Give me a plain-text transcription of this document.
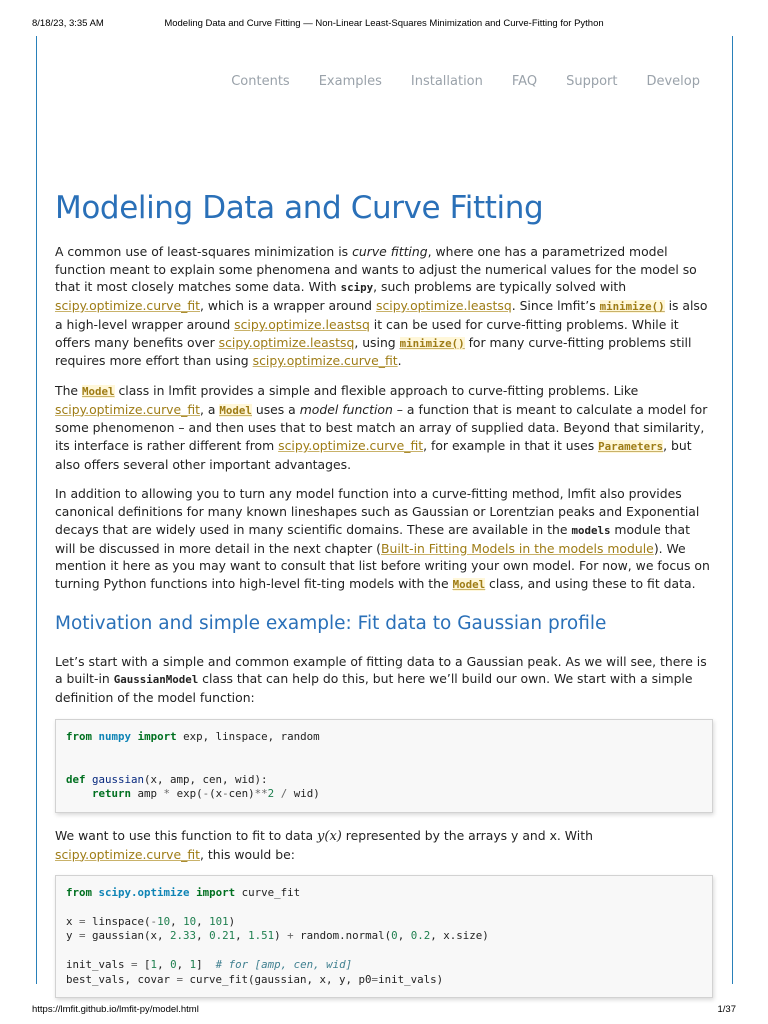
8/18/23, 3:35 AM	Modeling Data and Curve Fitting — Non-Linear Least-Squares Minimization and Curve-Fitting for Python
Contents Examples Installation FAQ Support Develop
Modeling Data and Curve Fitting

A common use of least-squares minimization is curve fitting, where one has a parametrized model function meant to explain some phenomena and wants to adjust the numerical values for the model so that it most closely matches some data. With scipy, such problems are typically solved with scipy.optimize.curve_fit, which is a wrapper around scipy.optimize.leastsq. Since lmfit’s minimize() is also a high-level wrapper around scipy.optimize.leastsq it can be used for curve-fitting problems. While it offers many benefits over scipy.optimize.leastsq, using minimize() for many curve-fitting problems still requires more effort than using scipy.optimize.curve_fit.

The Model class in lmfit provides a simple and flexible approach to curve-fitting problems. Like scipy.optimize.curve_fit, a Model uses a model function – a function that is meant to calculate a model for some phenomenon – and then uses that to best match an array of supplied data. Beyond that similarity, its interface is rather different from scipy.optimize.curve_fit, for example in that it uses Parameters, but also offers several other important advantages.

In addition to allowing you to turn any model function into a curve-fitting method, lmfit also provides canonical definitions for many known lineshapes such as Gaussian or Lorentzian peaks and Exponential decays that are widely used in many scientific domains. These are available in the models module that will be discussed in more detail in the next chapter (Built-in Fitting Models in the models module). We mention it here as you may want to consult that list before writing your own model. For now, we focus on turning Python functions into high-level fit-ting models with the Model class, and using these to fit data.

Motivation and simple example: Fit data to Gaussian profile

Let’s start with a simple and common example of fitting data to a Gaussian peak. As we will see, there is a built-in GaussianModel class that can help do this, but here we’ll build our own. We start with a simple definition of the model function:

from numpy import exp, linspace, random

def gaussian(x, amp, cen, wid):
return amp * exp(-(x-cen)**2 / wid)

We want to use this function to fit to data y(x) represented by the arrays y and x. With scipy.optimize.curve_fit, this would be:

from scipy.optimize import curve_fit

x = linspace(-10, 10, 101)
y = gaussian(x, 2.33, 0.21, 1.51) + random.normal(0, 0.2, x.size)

init_vals = [1, 0, 1]  # for [amp, cen, wid]
best_vals, covar = curve_fit(gaussian, x, y, p0=init_vals)
https://lmfit.github.io/lmfit-py/model.html	1/37
